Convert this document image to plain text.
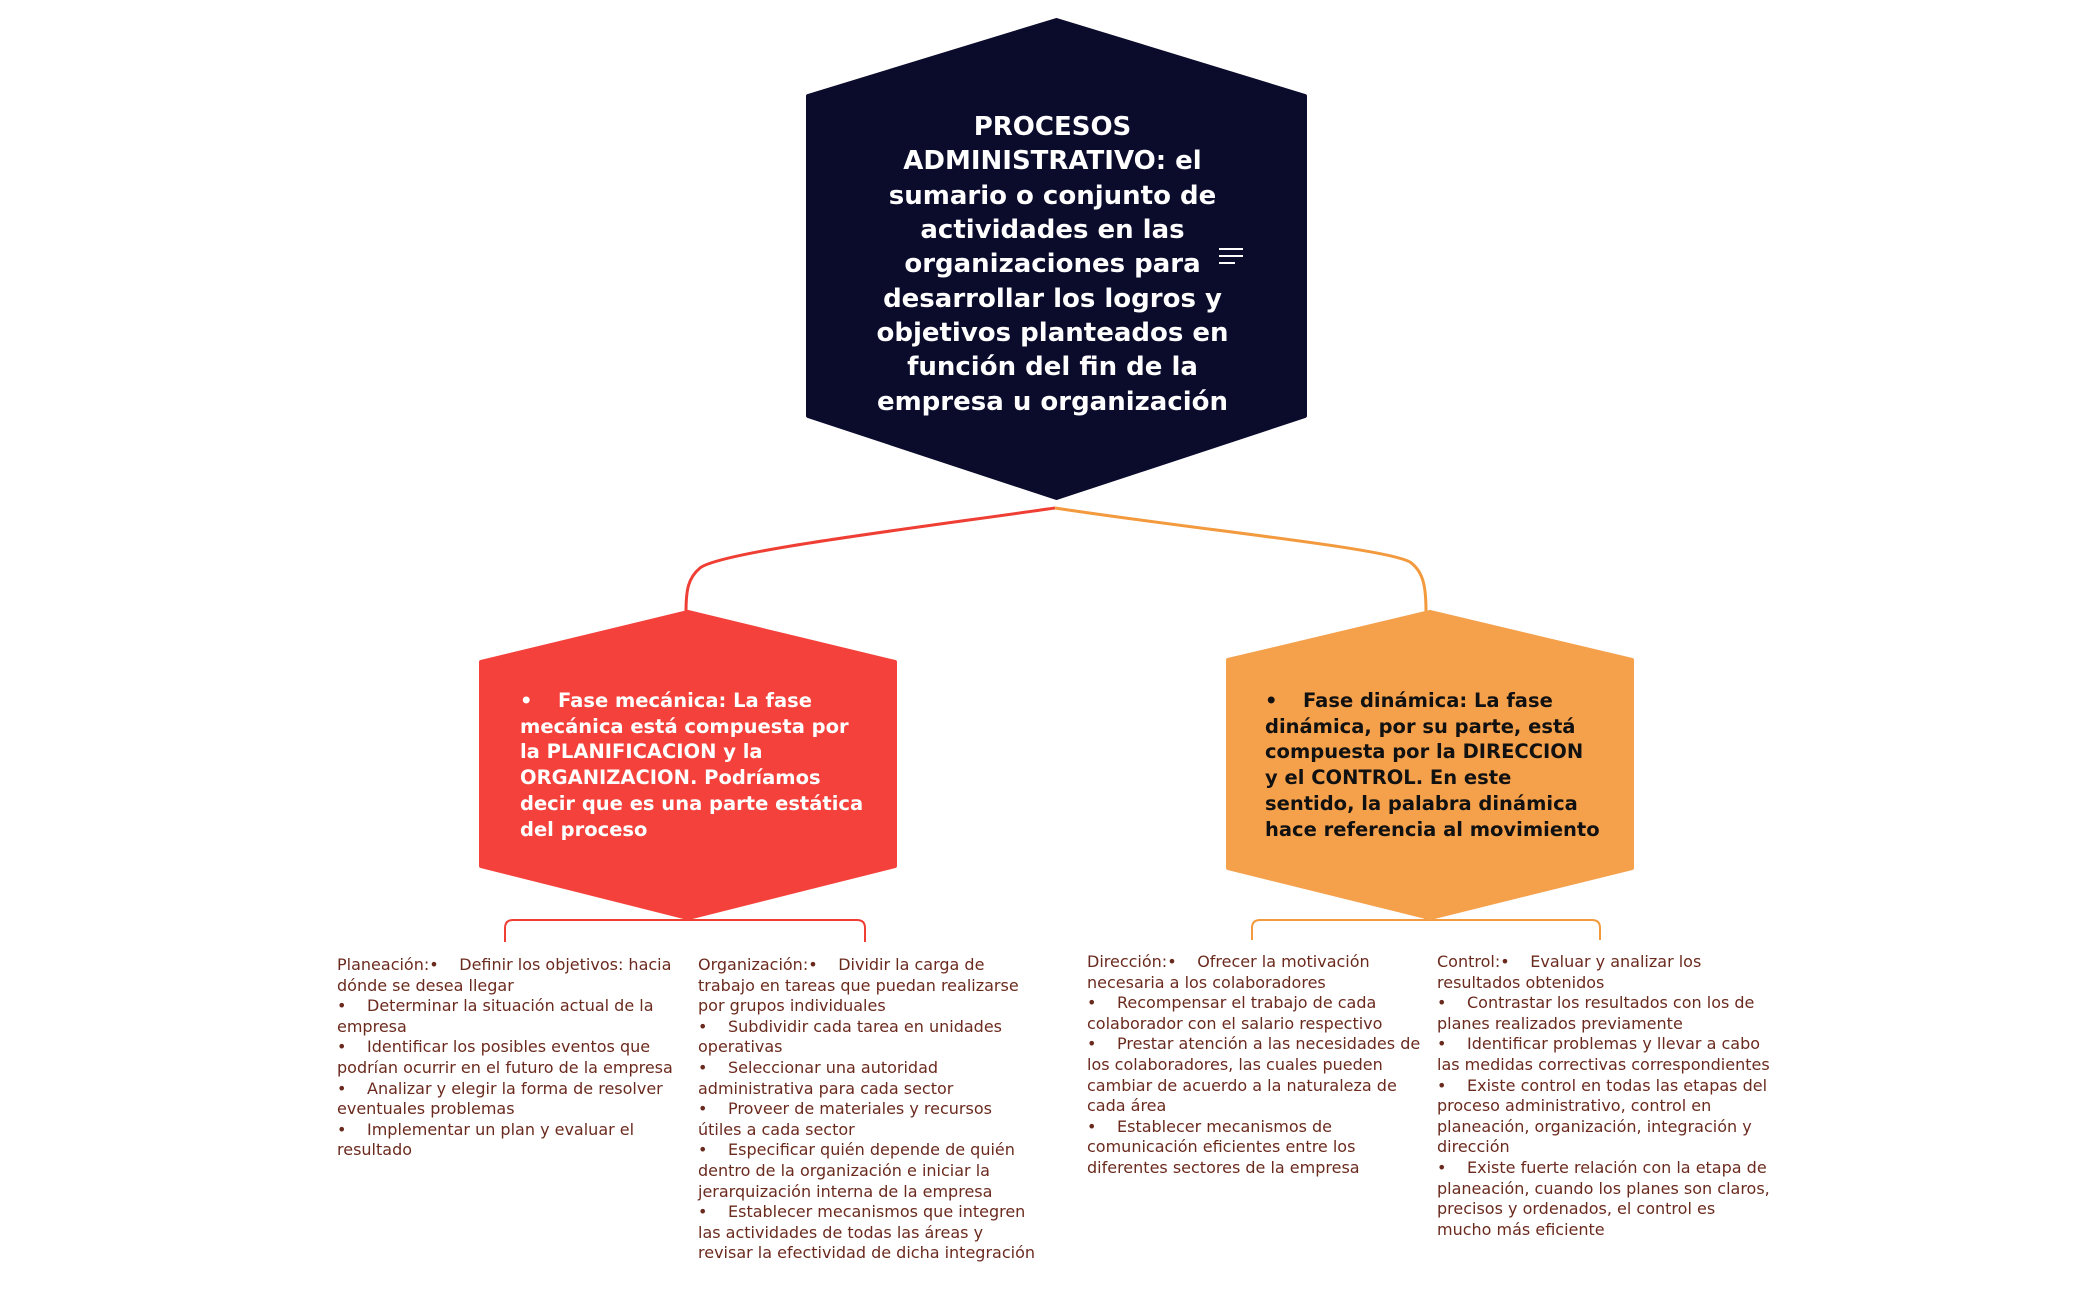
PROCESOS ADMINISTRATIVO: el sumario o conjunto de actividades en las organizaciones para desarrollar los logros y objetivos planteados en función del fin de la empresa u organización
• Fase mecánica: La fase mecánica está compuesta por la PLANIFICACION y la ORGANIZACION. Podríamos decir que es una parte estática del proceso
• Fase dinámica: La fase dinámica, por su parte, está compuesta por la DIRECCION y el CONTROL. En este sentido, la palabra dinámica hace referencia al movimiento
Planeación:• Definir los objetivos: hacia dónde se desea llegar
• Determinar la situación actual de la empresa
• Identificar los posibles eventos que podrían ocurrir en el futuro de la empresa
• Analizar y elegir la forma de resolver eventuales problemas
• Implementar un plan y evaluar el resultado
Organización:• Dividir la carga de trabajo en tareas que puedan realizarse por grupos individuales
• Subdividir cada tarea en unidades operativas
• Seleccionar una autoridad administrativa para cada sector
• Proveer de materiales y recursos útiles a cada sector
• Especificar quién depende de quién dentro de la organización e iniciar la jerarquización interna de la empresa
• Establecer mecanismos que integren las actividades de todas las áreas y revisar la efectividad de dicha integración
Dirección:• Ofrecer la motivación necesaria a los colaboradores
• Recompensar el trabajo de cada colaborador con el salario respectivo
• Prestar atención a las necesidades de los colaboradores, las cuales pueden cambiar de acuerdo a la naturaleza de cada área
• Establecer mecanismos de comunicación eficientes entre los diferentes sectores de la empresa
Control:• Evaluar y analizar los resultados obtenidos
• Contrastar los resultados con los de planes realizados previamente
• Identificar problemas y llevar a cabo las medidas correctivas correspondientes
• Existe control en todas las etapas del proceso administrativo, control en planeación, organización, integración y dirección
• Existe fuerte relación con la etapa de planeación, cuando los planes son claros, precisos y ordenados, el control es mucho más eficiente
